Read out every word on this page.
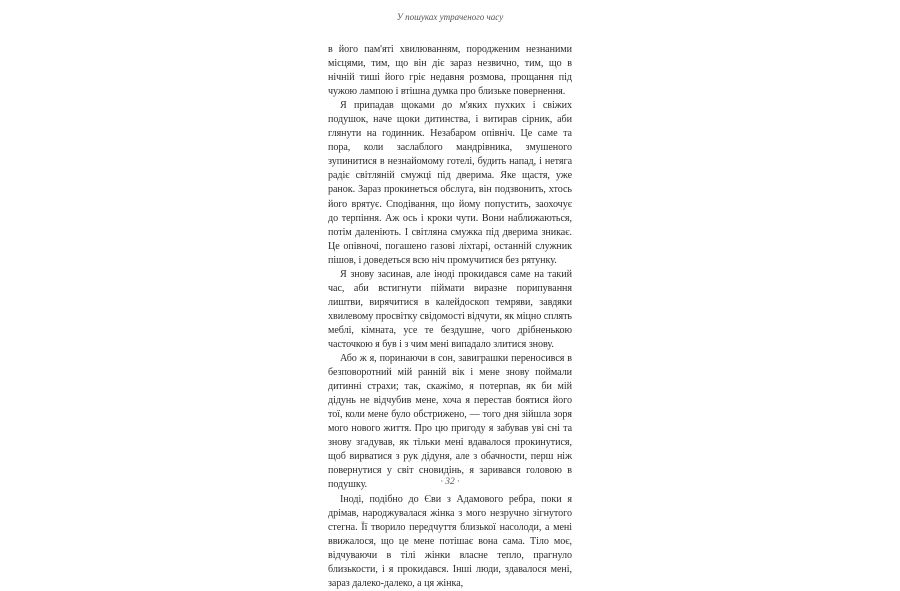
У пошуках утраченого часу

в його пам'яті хвилюванням, породженим незнаними місцями, тим, що він діє зараз незвично, тим, що в нічній тиші його гріє недавня розмова, прощання під чужою лампою і втішна думка про близьке повернення.

Я припадав щоками до м'яких пухких і свіжих подушок, наче щоки дитинства, і витирав сірник, аби глянути на годинник. Незабаром опівніч. Це саме та пора, коли заслаблого мандрівника, змушеного зупинитися в незнайомому готелі, будить напад, і нетяга радіє світляній смужці під дверима. Яке щастя, уже ранок. Зараз прокинеться обслуга, він подзвонить, хтось його врятує. Сподівання, що йому попустить, заохочує до терпіння. Аж ось і кроки чути. Вони наближаються, потім даленіють. І світляна смужка під дверима зникає. Це опівночі, погашено газові ліхтарі, останній служник пішов, і доведеться всю ніч промучитися без рятунку.

Я знову засинав, але іноді прокидався саме на такий час, аби встигнути піймати виразне порипування лиштви, вирячитися в калейдоскоп темряви, завдяки хвилевому просвітку свідомості відчути, як міцно сплять меблі, кімната, усе те бездушне, чого дрібненькою часточкою я був і з чим мені випадало злитися знову.

Або ж я, поринаючи в сон, завиграшки переносився в безповоротний мій ранній вік і мене знову поймали дитинні страхи; так, скажімо, я потерпав, як би мій дідунь не відчубив мене, хоча я перестав боятися його тої, коли мене було обстрижено, — того дня зійшла зоря мого нового життя. Про цю пригоду я забував уві сні та знову згадував, як тільки мені вдавалося прокинутися, щоб вирватися з рук дідуня, але з обачности, перш ніж повернутися у світ сновидінь, я заривався головою в подушку.

Іноді, подібно до Єви з Адамового ребра, поки я дрімав, народжувалася жінка з мого незручно зігнутого стегна. Її творило передчуття близької насолоди, а мені ввижалося, що це мене потішає вона сама. Тіло моє, відчуваючи в тілі жінки власне тепло, прагнуло близькости, і я прокидався. Інші люди, здавалося мені, зараз далеко-далеко, а ця жінка,

· 32 ·
